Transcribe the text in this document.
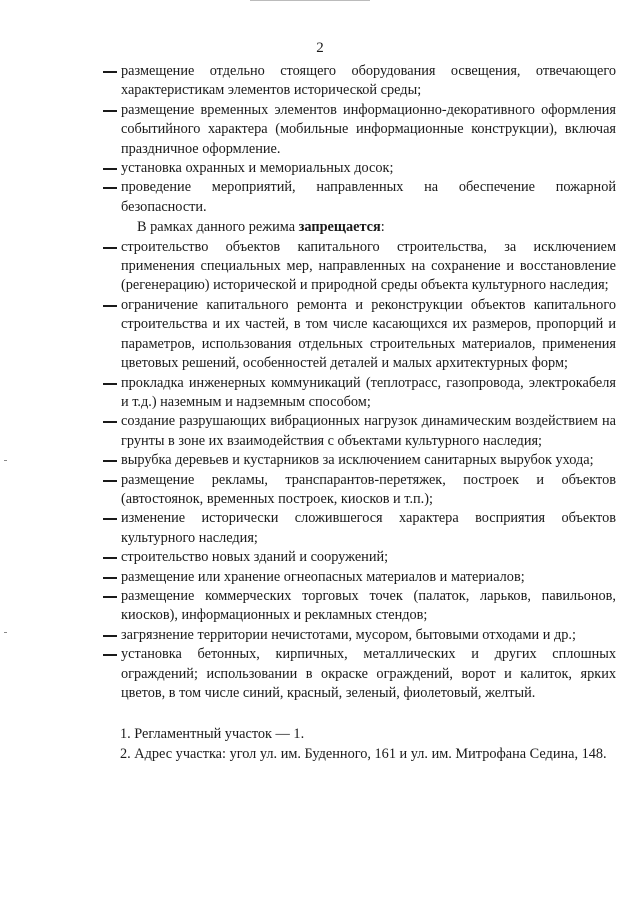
2
размещение отдельно стоящего оборудования освещения, отвечающего характеристикам элементов исторической среды;
размещение временных элементов информационно-декоративного оформления событийного характера (мобильные информационные конструкции), включая праздничное оформление.
установка охранных и мемориальных досок;
проведение мероприятий, направленных на обеспечение пожарной безопасности.

В рамках данного режима запрещается:

строительство объектов капитального строительства, за исключением применения специальных мер, направленных на сохранение и восстановление (регенерацию) исторической и природной среды объекта культурного наследия;
ограничение капитального ремонта и реконструкции объектов капитального строительства и их частей, в том числе касающихся их размеров, пропорций и параметров, использования отдельных строительных материалов, применения цветовых решений, особенностей деталей и малых архитектурных форм;
прокладка инженерных коммуникаций (теплотрасс, газопровода, электрокабеля и т.д.) наземным и надземным способом;
создание разрушающих вибрационных нагрузок динамическим воздействием на грунты в зоне их взаимодействия с объектами культурного наследия;
вырубка деревьев и кустарников за исключением санитарных вырубок ухода;
размещение рекламы, транспарантов-перетяжек, построек и объектов (автостоянок, временных построек, киосков и т.п.);
изменение исторически сложившегося характера восприятия объектов культурного наследия;
строительство новых зданий и сооружений;
размещение или хранение огнеопасных материалов и материалов;
размещение коммерческих торговых точек (палаток, ларьков, павильонов, киосков), информационных и рекламных стендов;
загрязнение территории нечистотами, мусором, бытовыми отходами и др.;
установка бетонных, кирпичных, металлических и других сплошных ограждений; использовании в окраске ограждений, ворот и калиток, ярких цветов, в том числе синий, красный, зеленый, фиолетовый, желтый.

1. Регламентный участок — 1.

2. Адрес участка: угол ул. им. Буденного, 161 и ул. им. Митрофана Седина, 148.
